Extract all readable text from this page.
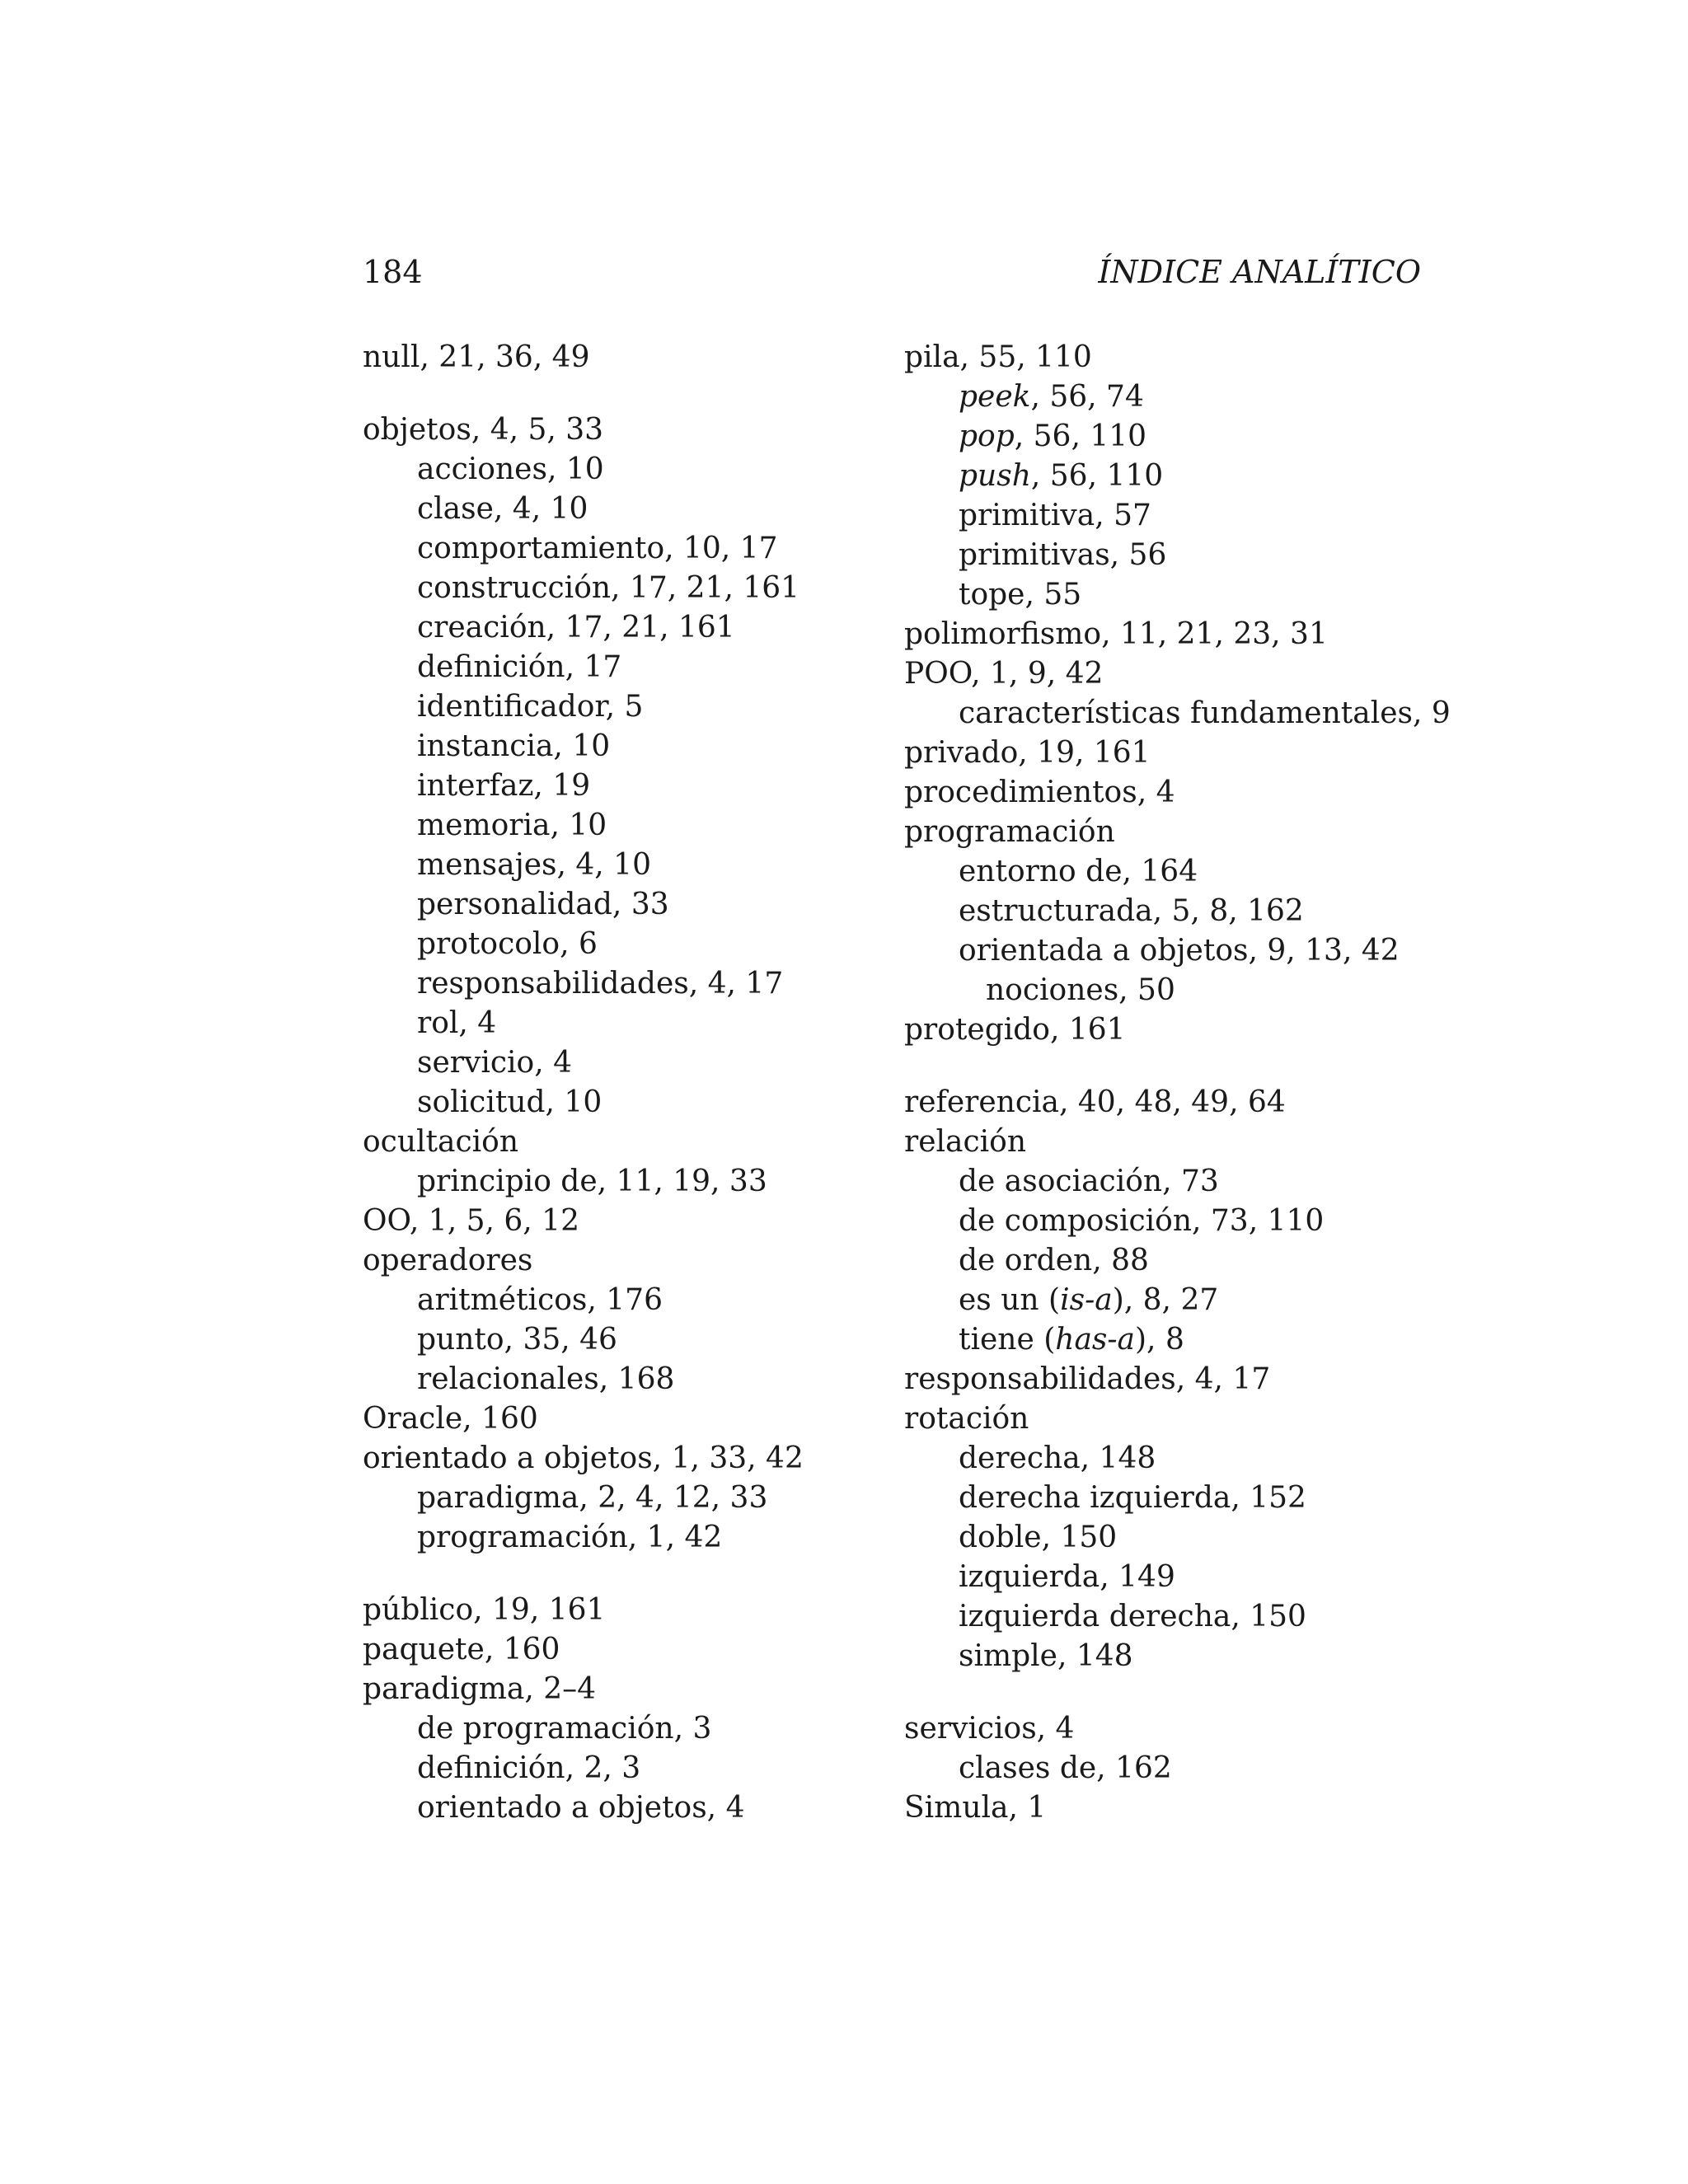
184	ÍNDICE ANALÍTICO
null, 21, 36, 49
objetos, 4, 5, 33
acciones, 10
clase, 4, 10
comportamiento, 10, 17
construcción, 17, 21, 161
creación, 17, 21, 161
definición, 17
identificador, 5
instancia, 10
interfaz, 19
memoria, 10
mensajes, 4, 10
personalidad, 33
protocolo, 6
responsabilidades, 4, 17
rol, 4
servicio, 4
solicitud, 10
ocultación
principio de, 11, 19, 33
OO, 1, 5, 6, 12
operadores
aritméticos, 176
punto, 35, 46
relacionales, 168
Oracle, 160
orientado a objetos, 1, 33, 42
paradigma, 2, 4, 12, 33
programación, 1, 42
público, 19, 161
paquete, 160
paradigma, 2–4
de programación, 3
definición, 2, 3
orientado a objetos, 4
pila, 55, 110
peek, 56, 74
pop, 56, 110
push, 56, 110
primitiva, 57
primitivas, 56
tope, 55
polimorfismo, 11, 21, 23, 31
POO, 1, 9, 42
características fundamentales, 9
privado, 19, 161
procedimientos, 4
programación
entorno de, 164
estructurada, 5, 8, 162
orientada a objetos, 9, 13, 42
nociones, 50
protegido, 161
referencia, 40, 48, 49, 64
relación
de asociación, 73
de composición, 73, 110
de orden, 88
es un (is-a), 8, 27
tiene (has-a), 8
responsabilidades, 4, 17
rotación
derecha, 148
derecha izquierda, 152
doble, 150
izquierda, 149
izquierda derecha, 150
simple, 148
servicios, 4
clases de, 162
Simula, 1
